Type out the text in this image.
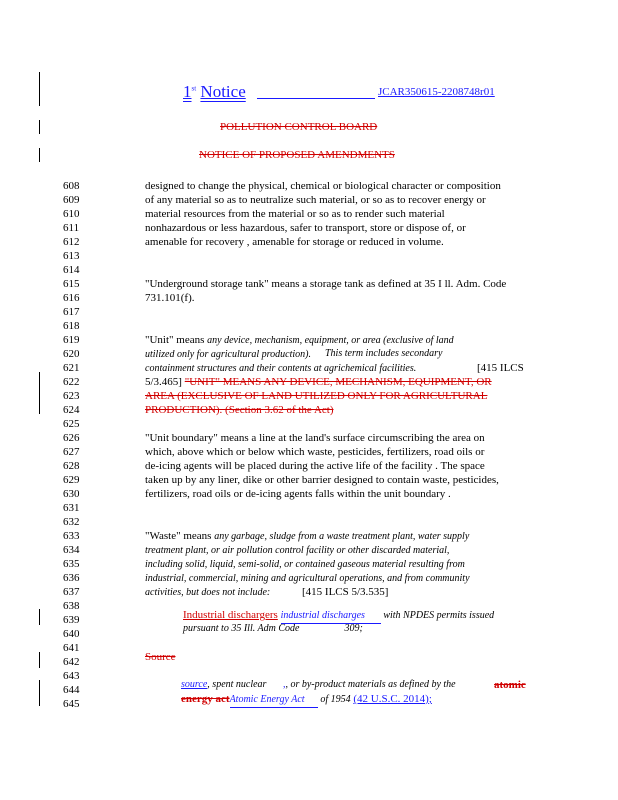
1st Notice	JCAR350615-2208748r01
POLLUTION CONTROL BOARD
NOTICE OF PROPOSED AMENDMENTS
608	designed to change the physical, chemical or biological character or composition
609	of any material so as to neutralize such material, or so as to recover energy or
610	material resources from the material or so as to render such material
611	nonhazardous or less hazardous, safer to transport, store or dispose of, or
612	amenable for recovery , amenable for storage or reduced in volume.
613
614
615	"Underground storage tank" means a storage tank as defined at 35 I ll. Adm. Code
616	731.101(f).
617
618
619	"Unit" means any device, mechanism, equipment, or area (exclusive of land
620	utilized only for agricultural production). This term includes secondary
621	containment structures and their contents at agrichemical facilities.	[415 ILCS
622	5/3.465] "UNIT" MEANS ANY DEVICE, MECHANISM, EQUIPMENT, OR
623	AREA (EXCLUSIVE OF LAND UTILIZED ONLY FOR AGRICULTURAL
624	PRODUCTION). (Section 3.62 of the Act)
625
626	"Unit boundary" means a line at the land's surface circumscribing the area on
627	which, above which or below which waste, pesticides, fertilizers, road oils or
628	de-icing agents will be placed during the active life of the facility . The space
629	taken up by any liner, dike or other barrier designed to contain waste, pesticides,
630	fertilizers, road oils or de-icing agents falls within the unit boundary .
631
632
633	"Waste" means any garbage, sludge from a waste treatment plant, water supply
634	treatment plant, or air pollution control facility or other discarded material,
635	including solid, liquid, semi-solid, or contained gaseous material resulting from
636	industrial, commercial, mining and agricultural operations, and from community
637	activities, but does not include:	[415 ILCS 5/3.535]
638
639
640
641
642
643
644
645
Industrial dischargers industrial discharges with NPDES permits issued
pursuant to 35 Ill. Adm Code	309;
Source
source, spent nuclear ,, or by-product materials as defined by the	atomic
energy actAtomic Energy Act of 1954 (42 U.S.C. 2014);
